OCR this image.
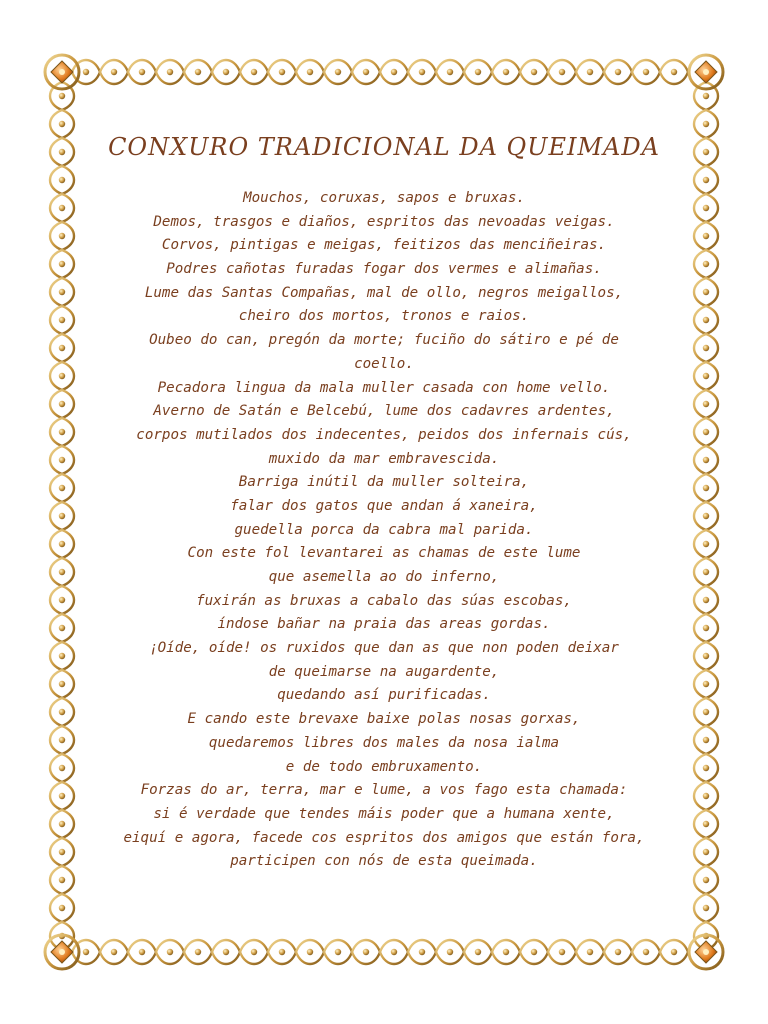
CONXURO TRADICIONAL DA QUEIMADA
Mouchos, coruxas, sapos e bruxas.
Demos, trasgos e diaños, espritos das nevoadas veigas.
Corvos, pintigas e meigas, feitizos das menciñeiras.
Podres cañotas furadas fogar dos vermes e alimañas.
Lume das Santas Compañas, mal de ollo, negros meigallos,
cheiro dos mortos, tronos e raios.
Oubeo do can, pregón da morte; fuciño do sátiro e pé de
coello.
Pecadora lingua da mala muller casada con home vello.
Averno de Satán e Belcebú, lume dos cadavres ardentes,
corpos mutilados dos indecentes, peidos dos infernais cús,
muxido da mar embravescida.
Barriga inútil da muller solteira,
falar dos gatos que andan á xaneira,
guedella porca da cabra mal parida.
Con este fol levantarei as chamas de este lume
que asemella ao do inferno,
fuxirán as bruxas a cabalo das súas escobas,
índose bañar na praia das areas gordas.
¡Oíde, oíde! os ruxidos que dan as que non poden deixar
de queimarse na augardente,
quedando así purificadas.
E cando este brevaxe baixe polas nosas gorxas,
quedaremos libres dos males da nosa ialma
e de todo embruxamento.
Forzas do ar, terra, mar e lume, a vos fago esta chamada:
si é verdade que tendes máis poder que a humana xente,
eiquí e agora, facede cos espritos dos amigos que están fora,
participen con nós de esta queimada.
